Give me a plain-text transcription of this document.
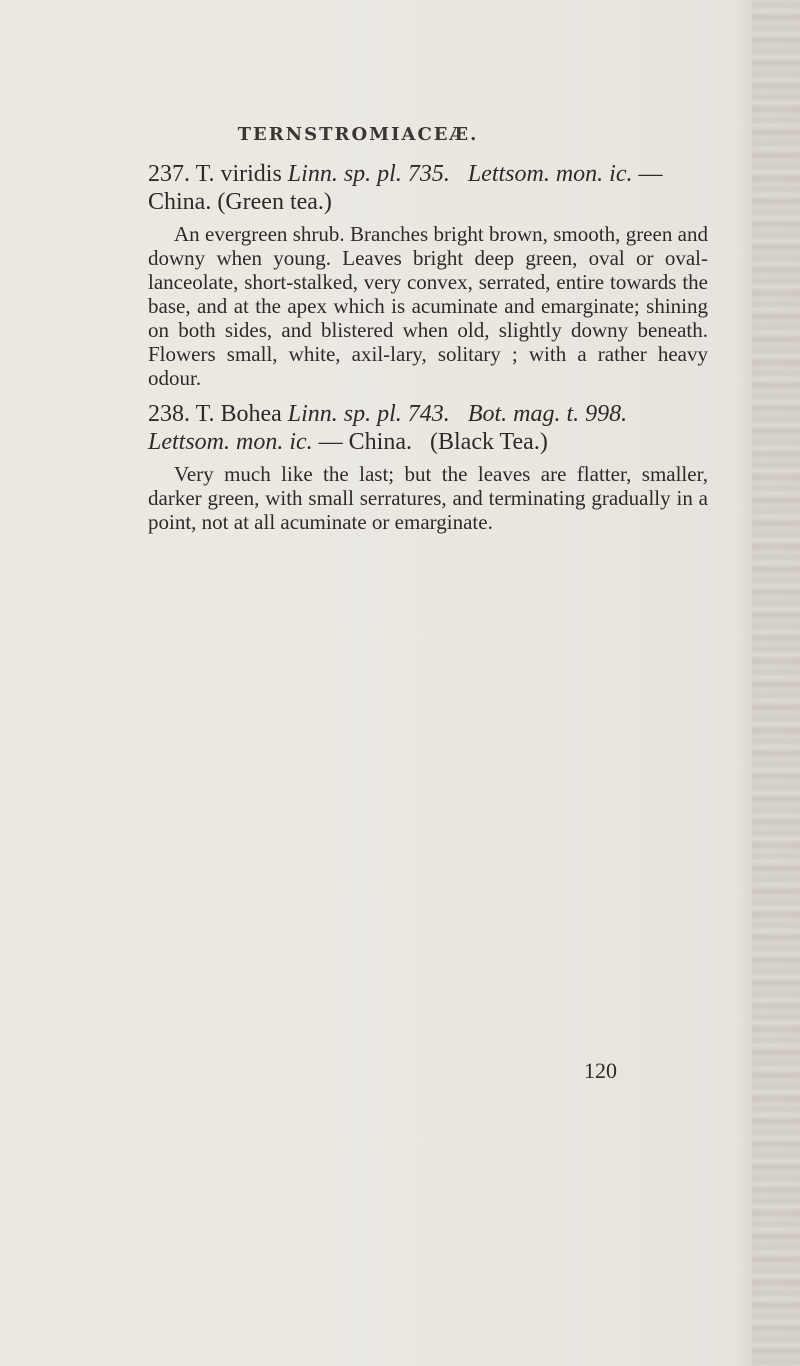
TERNSTROMIACEÆ.

237. T. viridis Linn. sp. pl. 735. Lettsom. mon. ic. — China. (Green tea.)

An evergreen shrub. Branches bright brown, smooth, green and downy when young. Leaves bright deep green, oval or oval-lanceolate, short-stalked, very convex, serrated, entire towards the base, and at the apex which is acuminate and emarginate; shining on both sides, and blistered when old, slightly downy beneath. Flowers small, white, axil-lary, solitary ; with a rather heavy odour.

238. T. Bohea Linn. sp. pl. 743. Bot. mag. t. 998.   Lettsom. mon. ic. — China. (Black Tea.)

Very much like the last; but the leaves are flatter, smaller, darker green, with small serratures, and terminating gradually in a point, not at all acuminate or emarginate.

120
